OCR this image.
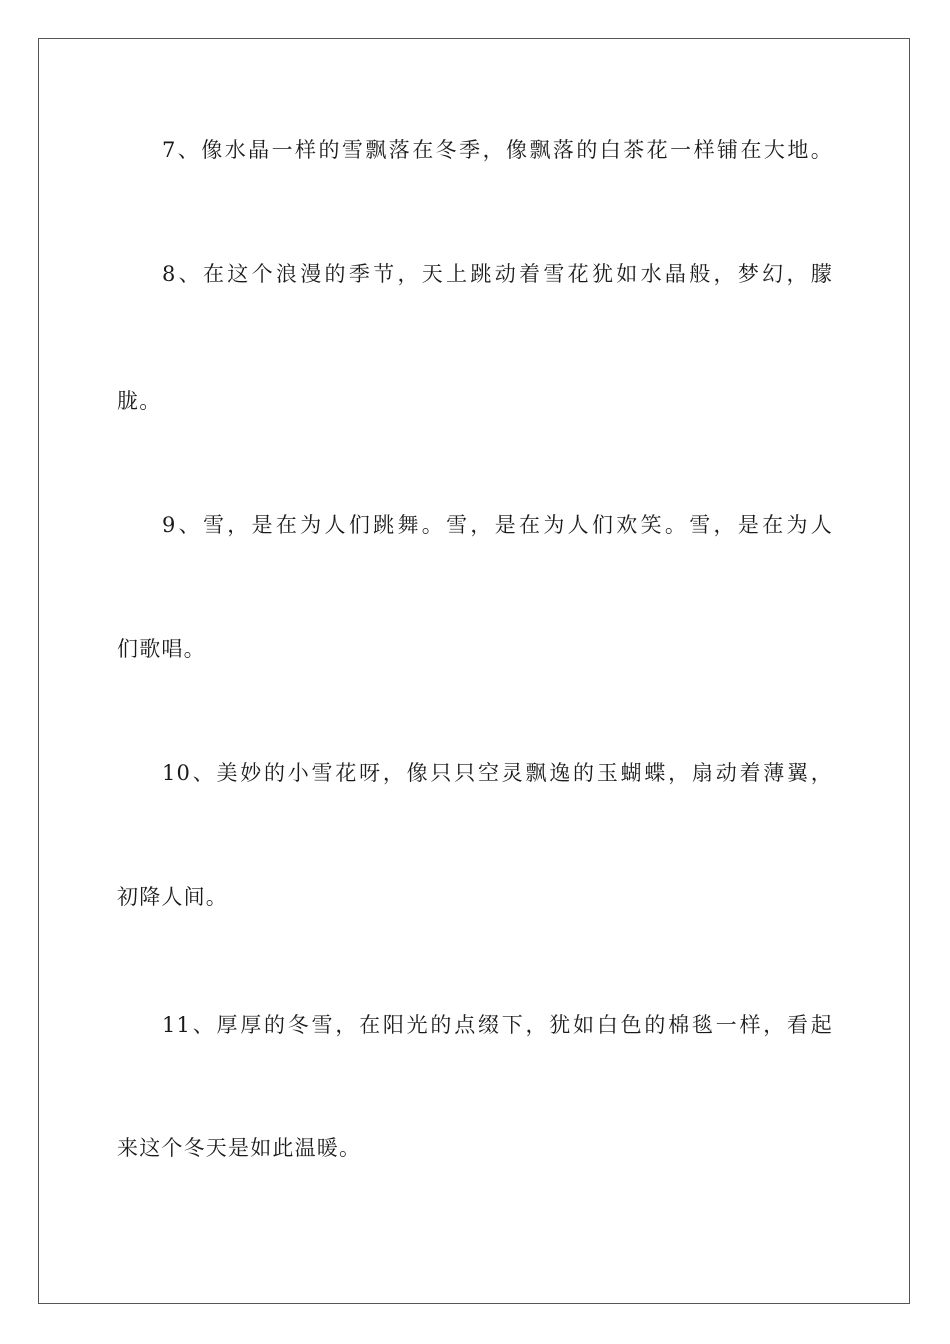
7、像水晶一样的雪飘落在冬季，像飘落的白茶花一样铺在大地。
8、在这个浪漫的季节，天上跳动着雪花犹如水晶般，梦幻，朦
胧。
9、雪，是在为人们跳舞。雪，是在为人们欢笑。雪，是在为人
们歌唱。
10、美妙的小雪花呀，像只只空灵飘逸的玉蝴蝶，扇动着薄翼，
初降人间。
11、厚厚的冬雪，在阳光的点缀下，犹如白色的棉毯一样，看起
来这个冬天是如此温暖。
